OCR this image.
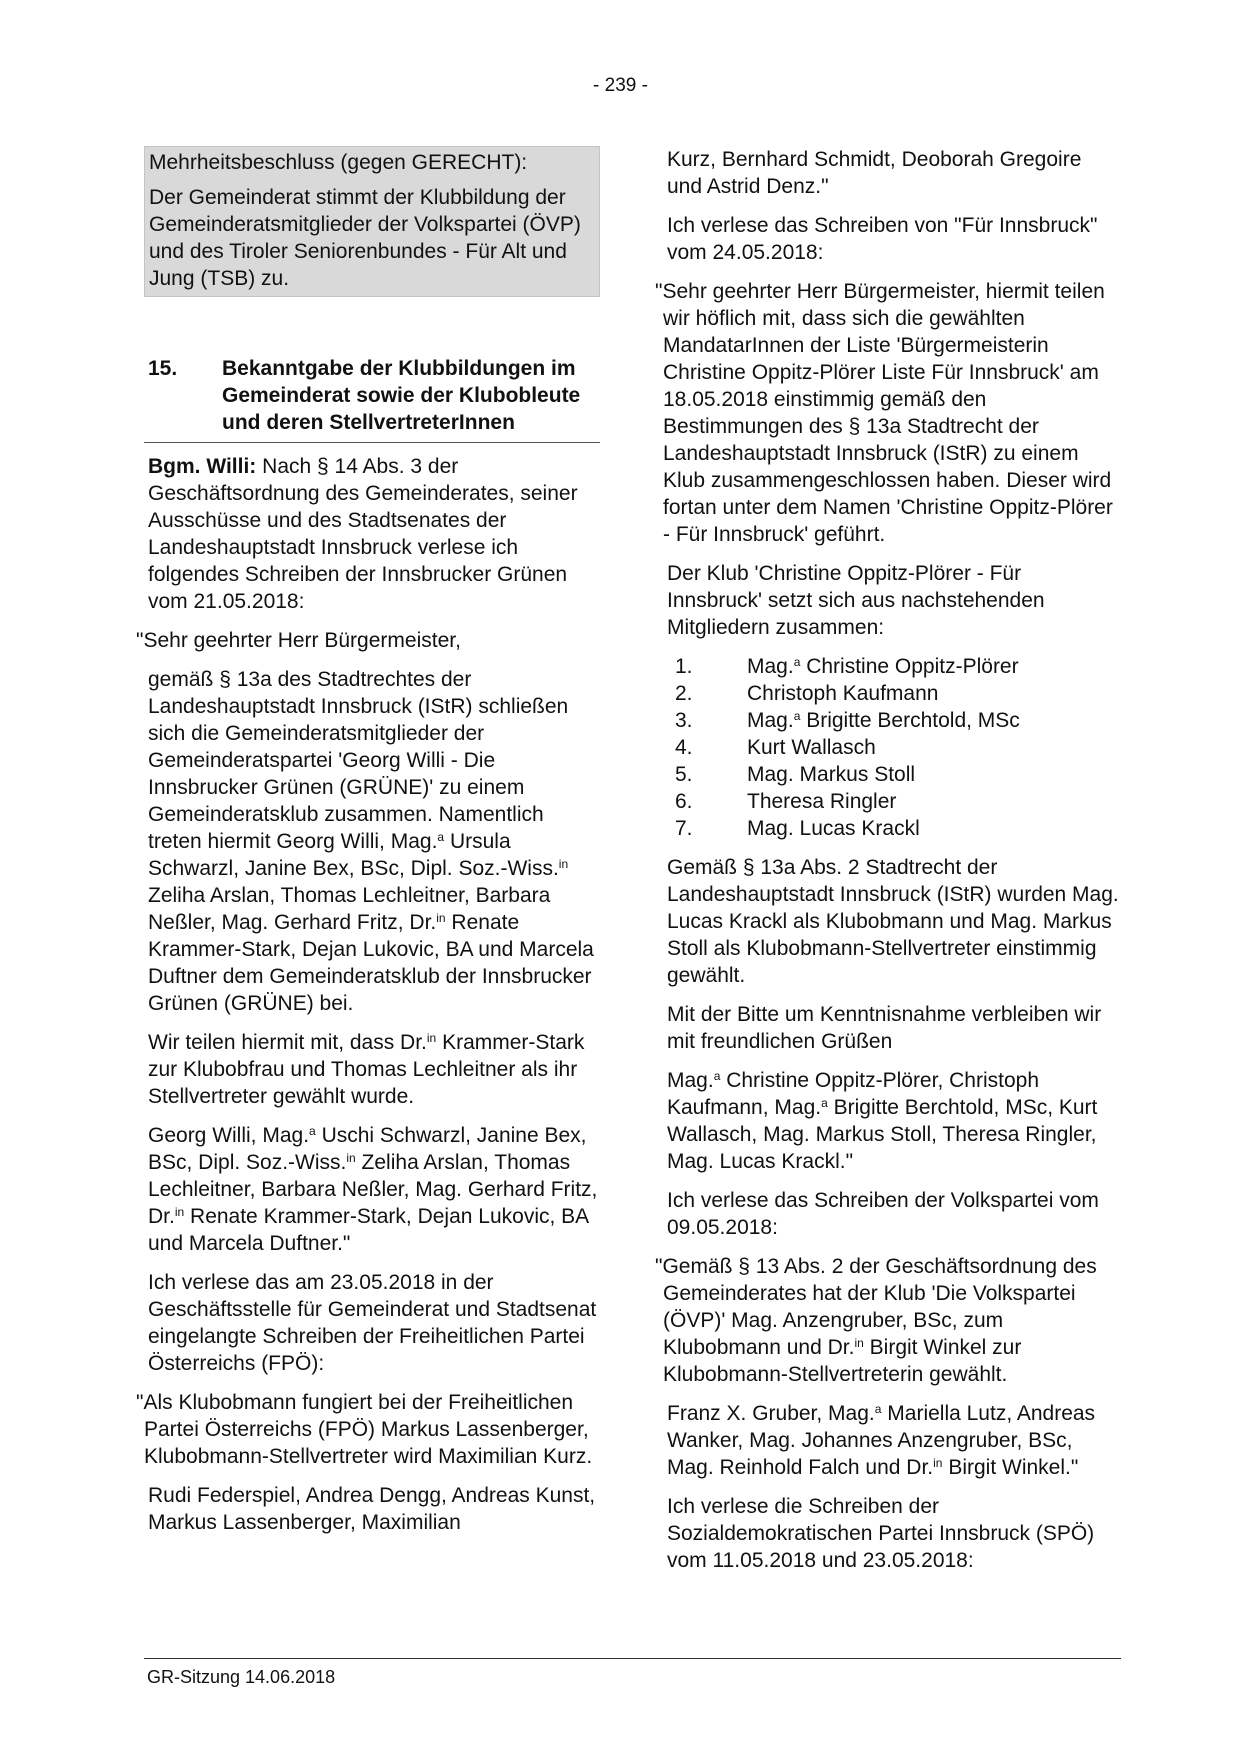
- 239 -

Mehrheitsbeschluss (gegen GERECHT):

Der Gemeinderat stimmt der Klubbildung der Gemeinderatsmitglieder der Volkspartei (ÖVP) und des Tiroler Seniorenbundes - Für Alt und Jung (TSB) zu.

15.	Bekanntgabe der Klubbildungen im Gemeinderat sowie der Klubobleute und deren StellvertreterInnen

Bgm. Willi: Nach § 14 Abs. 3 der Geschäftsordnung des Gemeinderates, seiner Ausschüsse und des Stadtsenates der Landeshauptstadt Innsbruck verlese ich folgendes Schreiben der Innsbrucker Grünen vom 21.05.2018:

"Sehr geehrter Herr Bürgermeister,

gemäß § 13a des Stadtrechtes der Landeshauptstadt Innsbruck (IStR) schließen sich die Gemeinderatsmitglieder der Gemeinderatspartei 'Georg Willi - Die Innsbrucker Grünen (GRÜNE)' zu einem Gemeinderatsklub zusammen. Namentlich treten hiermit Georg Willi, Mag.$^a$ Ursula Schwarzl, Janine Bex, BSc, Dipl. Soz.-Wiss.$^{in}$ Zeliha Arslan, Thomas Lechleitner, Barbara Neßler, Mag. Gerhard Fritz, Dr.$^{in}$ Renate Krammer-Stark, Dejan Lukovic, BA und Marcela Duftner dem Gemeinderatsklub der Innsbrucker Grünen (GRÜNE) bei.

Wir teilen hiermit mit, dass Dr.$^{in}$ Krammer-Stark zur Klubobfrau und Thomas Lechleitner als ihr Stellvertreter gewählt wurde.

Georg Willi, Mag.$^a$ Uschi Schwarzl, Janine Bex, BSc, Dipl. Soz.-Wiss.$^{in}$ Zeliha Arslan, Thomas Lechleitner, Barbara Neßler, Mag. Gerhard Fritz, Dr.$^{in}$ Renate Krammer-Stark, Dejan Lukovic, BA und Marcela Duftner."

Ich verlese das am 23.05.2018 in der Geschäftsstelle für Gemeinderat und Stadtsenat eingelangte Schreiben der Freiheitlichen Partei Österreichs (FPÖ):

"Als Klubobmann fungiert bei der Freiheitlichen Partei Österreichs (FPÖ) Markus Lassenberger, Klubobmann-Stellvertreter wird Maximilian Kurz.

Rudi Federspiel, Andrea Dengg, Andreas Kunst, Markus Lassenberger, Maximilian

Kurz, Bernhard Schmidt, Deoborah Gregoire und Astrid Denz."

Ich verlese das Schreiben von "Für Innsbruck" vom 24.05.2018:

"Sehr geehrter Herr Bürgermeister, hiermit teilen wir höflich mit, dass sich die gewählten MandatarInnen der Liste 'Bürgermeisterin Christine Oppitz-Plörer Liste Für Innsbruck' am 18.05.2018 einstimmig gemäß den Bestimmungen des § 13a Stadtrecht der Landeshauptstadt Innsbruck (IStR) zu einem Klub zusammengeschlossen haben. Dieser wird fortan unter dem Namen 'Christine Oppitz-Plörer - Für Innsbruck' geführt.

Der Klub 'Christine Oppitz-Plörer - Für Innsbruck' setzt sich aus nachstehenden Mitgliedern zusammen:

1.	Mag.$^a$ Christine Oppitz-Plörer
2.	Christoph Kaufmann
3.	Mag.$^a$ Brigitte Berchtold, MSc
4.	Kurt Wallasch
5.	Mag. Markus Stoll
6.	Theresa Ringler
7.	Mag. Lucas Krackl

Gemäß § 13a Abs. 2 Stadtrecht der Landeshauptstadt Innsbruck (IStR) wurden Mag. Lucas Krackl als Klubobmann und Mag. Markus Stoll als Klubobmann-Stellvertreter einstimmig gewählt.

Mit der Bitte um Kenntnisnahme verbleiben wir mit freundlichen Grüßen

Mag.$^a$ Christine Oppitz-Plörer, Christoph Kaufmann, Mag.$^a$ Brigitte Berchtold, MSc, Kurt Wallasch, Mag. Markus Stoll, Theresa Ringler, Mag. Lucas Krackl."

Ich verlese das Schreiben der Volkspartei vom 09.05.2018:

"Gemäß § 13 Abs. 2 der Geschäftsordnung des Gemeinderates hat der Klub 'Die Volkspartei (ÖVP)' Mag. Anzengruber, BSc, zum Klubobmann und Dr.$^{in}$ Birgit Winkel zur Klubobmann-Stellvertreterin gewählt.

Franz X. Gruber, Mag.$^a$ Mariella Lutz, Andreas Wanker, Mag. Johannes Anzengruber, BSc, Mag. Reinhold Falch und Dr.$^{in}$ Birgit Winkel."

Ich verlese die Schreiben der Sozialdemokratischen Partei Innsbruck (SPÖ) vom 11.05.2018 und 23.05.2018:

GR-Sitzung 14.06.2018
